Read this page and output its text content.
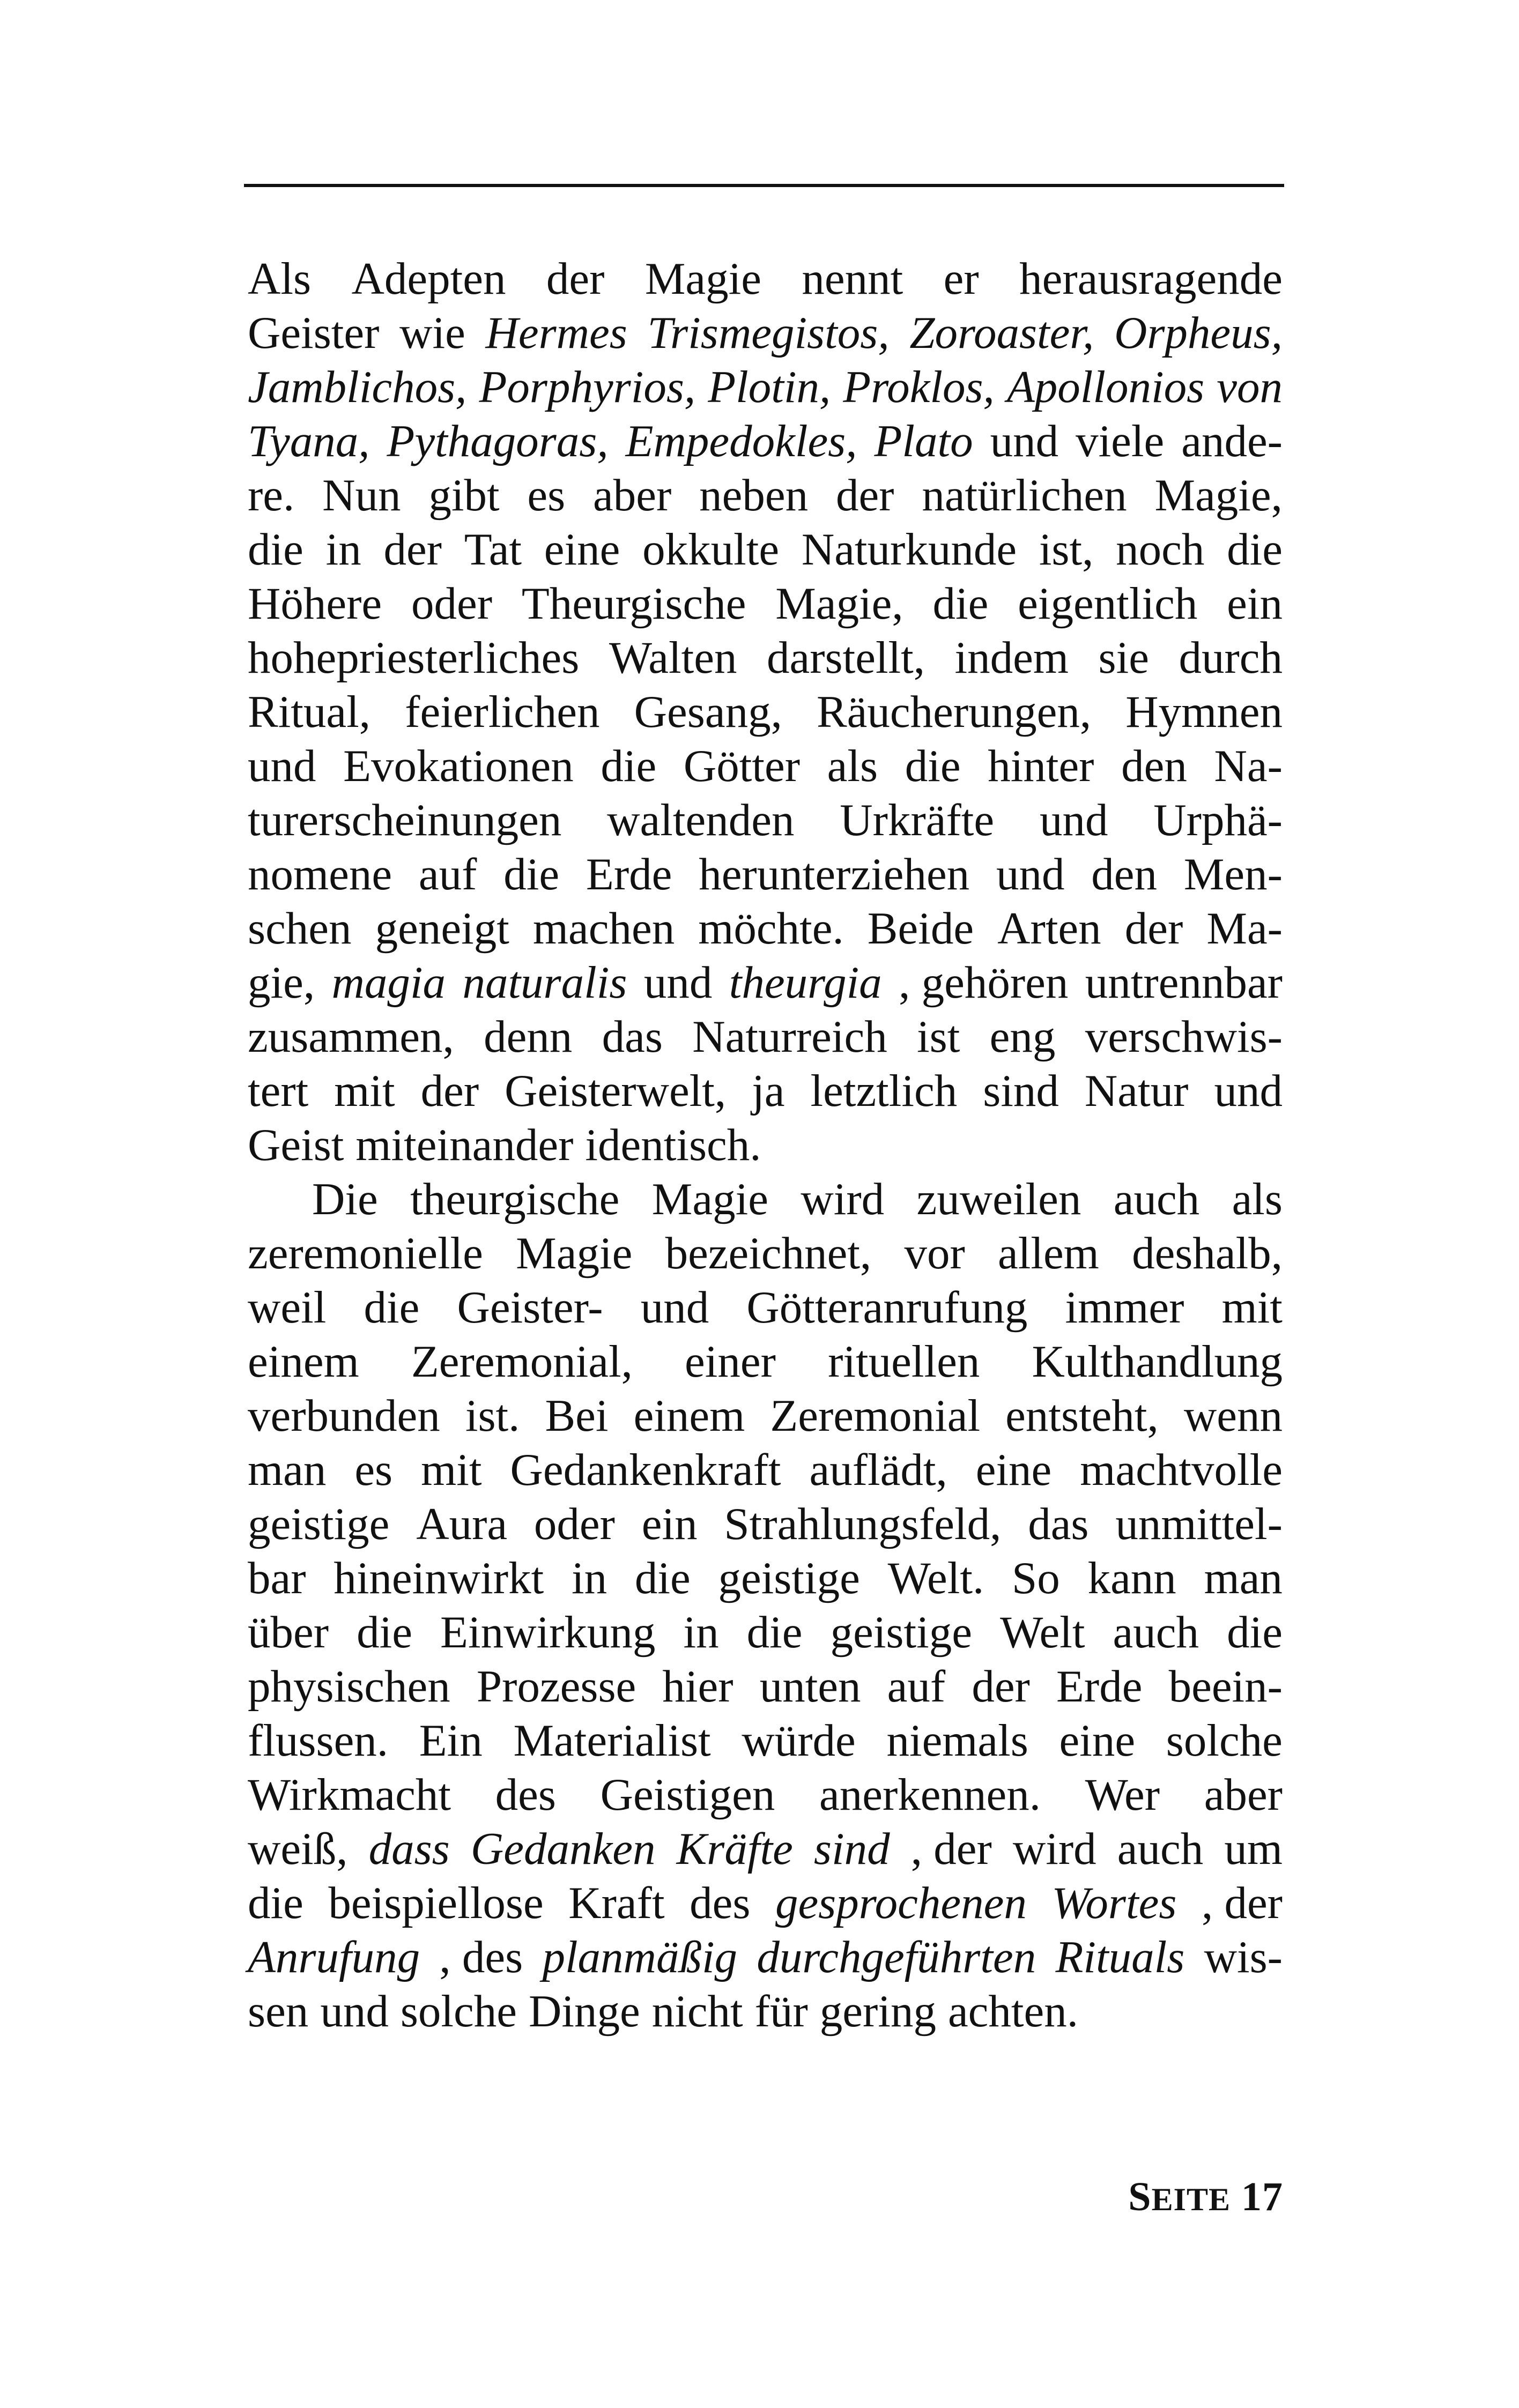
Als Adepten der Magie nennt er herausragende
Geister wie Hermes Trismegistos, Zoroaster, Orpheus,
Jamblichos, Porphyrios, Plotin, Proklos, Apollonios von
Tyana, Pythagoras, Empedokles, Plato und viele ande-
re. Nun gibt es aber neben der natürlichen Magie,
die in der Tat eine okkulte Naturkunde ist, noch die
Höhere oder Theurgische Magie, die eigentlich ein
hohepriesterliches Walten darstellt, indem sie durch
Ritual, feierlichen Gesang, Räucherungen, Hymnen
und Evokationen die Götter als die hinter den Na-
turerscheinungen waltenden Urkräfte und Urphä-
nomene auf die Erde herunterziehen und den Men-
schen geneigt machen möchte. Beide Arten der Ma-
gie, magia naturalis und theurgia , gehören untrennbar
zusammen, denn das Naturreich ist eng verschwis-
tert mit der Geisterwelt, ja letztlich sind Natur und
Geist miteinander identisch.
Die theurgische Magie wird zuweilen auch als
zeremonielle Magie bezeichnet, vor allem deshalb,
weil die Geister- und Götteranrufung immer mit
einem Zeremonial, einer rituellen Kulthandlung
verbunden ist. Bei einem Zeremonial entsteht, wenn
man es mit Gedankenkraft auflädt, eine machtvolle
geistige Aura oder ein Strahlungsfeld, das unmittel-
bar hineinwirkt in die geistige Welt. So kann man
über die Einwirkung in die geistige Welt auch die
physischen Prozesse hier unten auf der Erde beein-
flussen. Ein Materialist würde niemals eine solche
Wirkmacht des Geistigen anerkennen. Wer aber
weiß, dass Gedanken Kräfte sind , der wird auch um
die beispiellose Kraft des gesprochenen Wortes , der
Anrufung , des planmäßig durchgeführten Rituals wis-
sen und solche Dinge nicht für gering achten.
SEITE 17
